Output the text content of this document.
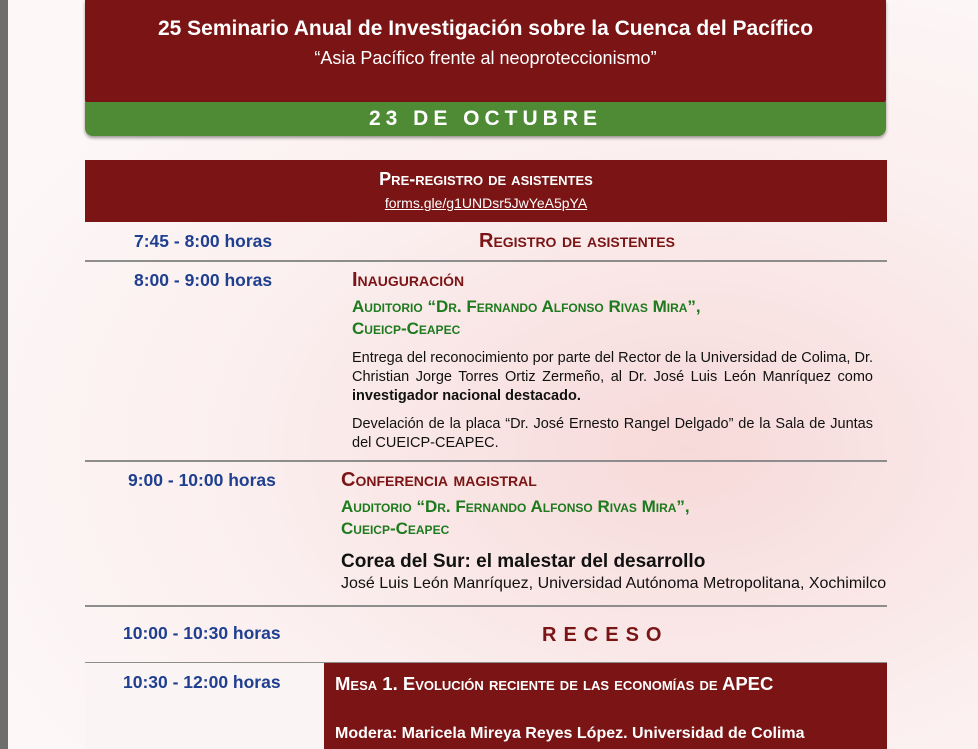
25 Seminario Anual de Investigación sobre la Cuenca del Pacífico
“Asia Pacífico frente al neoproteccionismo”
23 DE OCTUBRE
Pre-registro de asistentes
forms.gle/g1UNDsr5JwYeA5pYA
7:45 - 8:00 horas	Registro de asistentes
8:00 - 9:00 horas	Inauguración
Auditorio “Dr. Fernando Alfonso Rivas Mira”,
Cueicp-Ceapec
Entrega del reconocimiento por parte del Rector de la Universidad de Colima, Dr. Christian Jorge Torres Ortiz Zermeño, al Dr. José Luis León Manríquez como investigador nacional destacado.
Develación de la placa “Dr. José Ernesto Rangel Delgado” de la Sala de Juntas del CUEICP-CEAPEC.
9:00 - 10:00 horas	Conferencia magistral
Auditorio “Dr. Fernando Alfonso Rivas Mira”,
Cueicp-Ceapec
Corea del Sur: el malestar del desarrollo
José Luis León Manríquez, Universidad Autónoma Metropolitana, Xochimilco
10:00 - 10:30 horas	RECESO
10:30 - 12:00 horas	Mesa 1. Evolución reciente de las economías de APEC
Modera: Maricela Mireya Reyes López. Universidad de Colima
